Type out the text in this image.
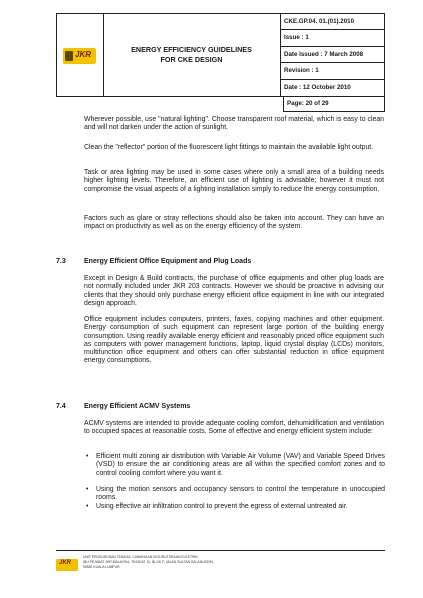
JKR
ENERGY EFFICIENCY GUIDELINES
FOR CKE DESIGN
CKE.GP.04. 01.(01).2010
Issue : 1
Date Issued : 7 March 2008
Revision : 1
Date : 12 October 2010
Page: 20 of 29

Wherever possible, use "natural lighting". Choose transparent roof material, which is easy to clean and will not darken under the action of sunlight.

Clean the "reflector" portion of the fluorescent light fittings to maintain the available light output.

Task or area lighting may be used in some cases where only a small area of a building needs higher lighting levels. Therefore, an efficient use of lighting is advisable; however it must not compromise the visual aspects of a lighting installation simply to reduce the energy consumption.

Factors such as glare or stray reflections should also be taken into account. They can have an impact on productivity as well as on the energy efficiency of the system.

7.3	Energy Efficient Office Equipment and Plug Loads

Except in Design & Build contracts, the purchase of office equipments and other plug loads are not normally included under JKR 203 contracts. However we should be proactive in advising our clients that they should only purchase energy efficient office equipment in line with our integrated design approach.

Office equipment includes computers, printers, faxes, copying machines and other equipment. Energy consumption of such equipment can represent large portion of the building energy consumption. Using readily available energy efficient and reasonably priced office equipment such as computers with power management functions, laptop, liquid crystal display (LCDs) monitors, multifunction office equipment and others can offer substantial reduction in office equipment energy consumptions.

7.4	Energy Efficient ACMV Systems

ACMV systems are intended to provide adequate cooling comfort, dehumidification and ventilation to occupied spaces at reasonable costs. Some of effective and energy efficient system include:

• Efficient multi zoning air distribution with Variable Air Volume (VAV) and Variable Speed Drives (VSD) to ensure the air conditioning areas are all within the specified comfort zones and to control cooling comfort where you want it.
• Using the motion sensors and occupancy sensors to control the temperature in unoccupied rooms.
• Using effective air infiltration control to prevent the egress of external untreated air.
JKR
UNIT PENGURUSAN TENAGA, CAWANGAN KEJURUTERAAN ELEKTRIK,
IBU PEJABAT JKR MALAYSIA, TINGKAT 10, BLOK F, JALAN SULTAN SALAHUDDIN,
50582 KUALA LUMPUR
